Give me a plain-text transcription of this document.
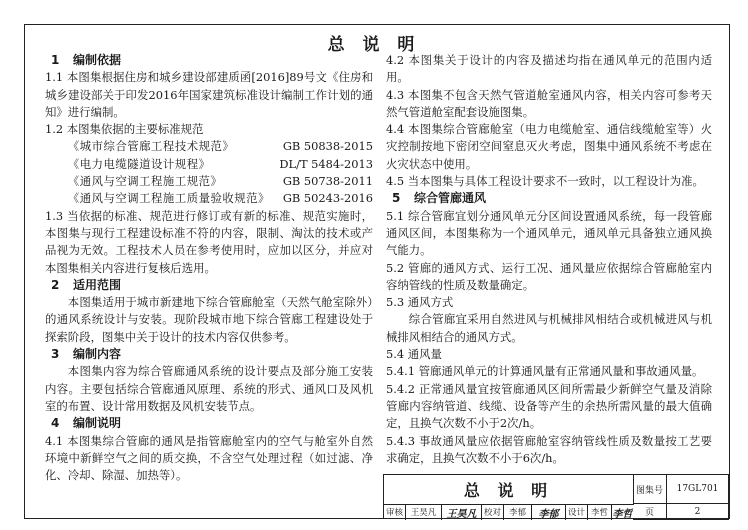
总 说 明

1 编制依据

1.1 本图集根据住房和城乡建设部建质函[2016]89号文《住房和城乡建设部关于印发2016年国家建筑标准设计编制工作计划的通知》进行编制。

1.2 本图集依据的主要标准规范

《城市综合管廊工程技术规范》	GB 50838-2015
《电力电缆隧道设计规程》	DL/T 5484-2013
《通风与空调工程施工规范》	GB 50738-2011
《通风与空调工程施工质量验收规范》 GB 50243-2016

1.3 当依据的标准、规范进行修订或有新的标准、规范实施时，本图集与现行工程建设标准不符的内容，限制、淘汰的技术或产品视为无效。工程技术人员在参考使用时，应加以区分，并应对本图集相关内容进行复核后选用。

2 适用范围

本图集适用于城市新建地下综合管廊舱室（天然气舱室除外）的通风系统设计与安装。现阶段城市地下综合管廊工程建设处于探索阶段，图集中关于设计的技术内容仅供参考。

3 编制内容

本图集内容为综合管廊通风系统的设计要点及部分施工安装内容。主要包括综合管廊通风原理、系统的形式、通风口及风机室的布置、设计常用数据及风机安装节点。

4 编制说明

4.1 本图集综合管廊的通风是指管廊舱室内的空气与舱室外自然环境中新鲜空气之间的质交换，不含空气处理过程（如过滤、净化、冷却、除湿、加热等）。

4.2 本图集关于设计的内容及描述均指在通风单元的范围内适用。

4.3 本图集不包含天然气管道舱室通风内容，相关内容可参考天然气管道舱室配套设施图集。

4.4 本图集综合管廊舱室（电力电缆舱室、通信线缆舱室等）火灾控制按地下密闭空间窒息灭火考虑，图集中通风系统不考虑在火灾状态中使用。

4.5 当本图集与具体工程设计要求不一致时，以工程设计为准。

5 综合管廊通风

5.1 综合管廊宜划分通风单元分区间设置通风系统，每一段管廊通风区间，本图集称为一个通风单元，通风单元具备独立通风换气能力。

5.2 管廊的通风方式、运行工况、通风量应依据综合管廊舱室内容纳管线的性质及数量确定。

5.3 通风方式

综合管廊宜采用自然进风与机械排风相结合或机械进风与机械排风相结合的通风方式。

5.4 通风量

5.4.1 管廊通风单元的计算通风量有正常通风量和事故通风量。

5.4.2 正常通风量宜按管廊通风区间所需最少新鲜空气量及消除管廊内容纳管道、线缆、设备等产生的余热所需风量的最大值确定，且换气次数不小于2次/h。

5.4.3 事故通风量应依据管廊舱室容纳管线性质及数量按工艺要求确定，且换气次数不小于6次/h。

总 说 明	图集号	17GL701
页	2
审核 王昊凡	王昊凡 校对 李郁	李郁	设计 李哲 李哲
